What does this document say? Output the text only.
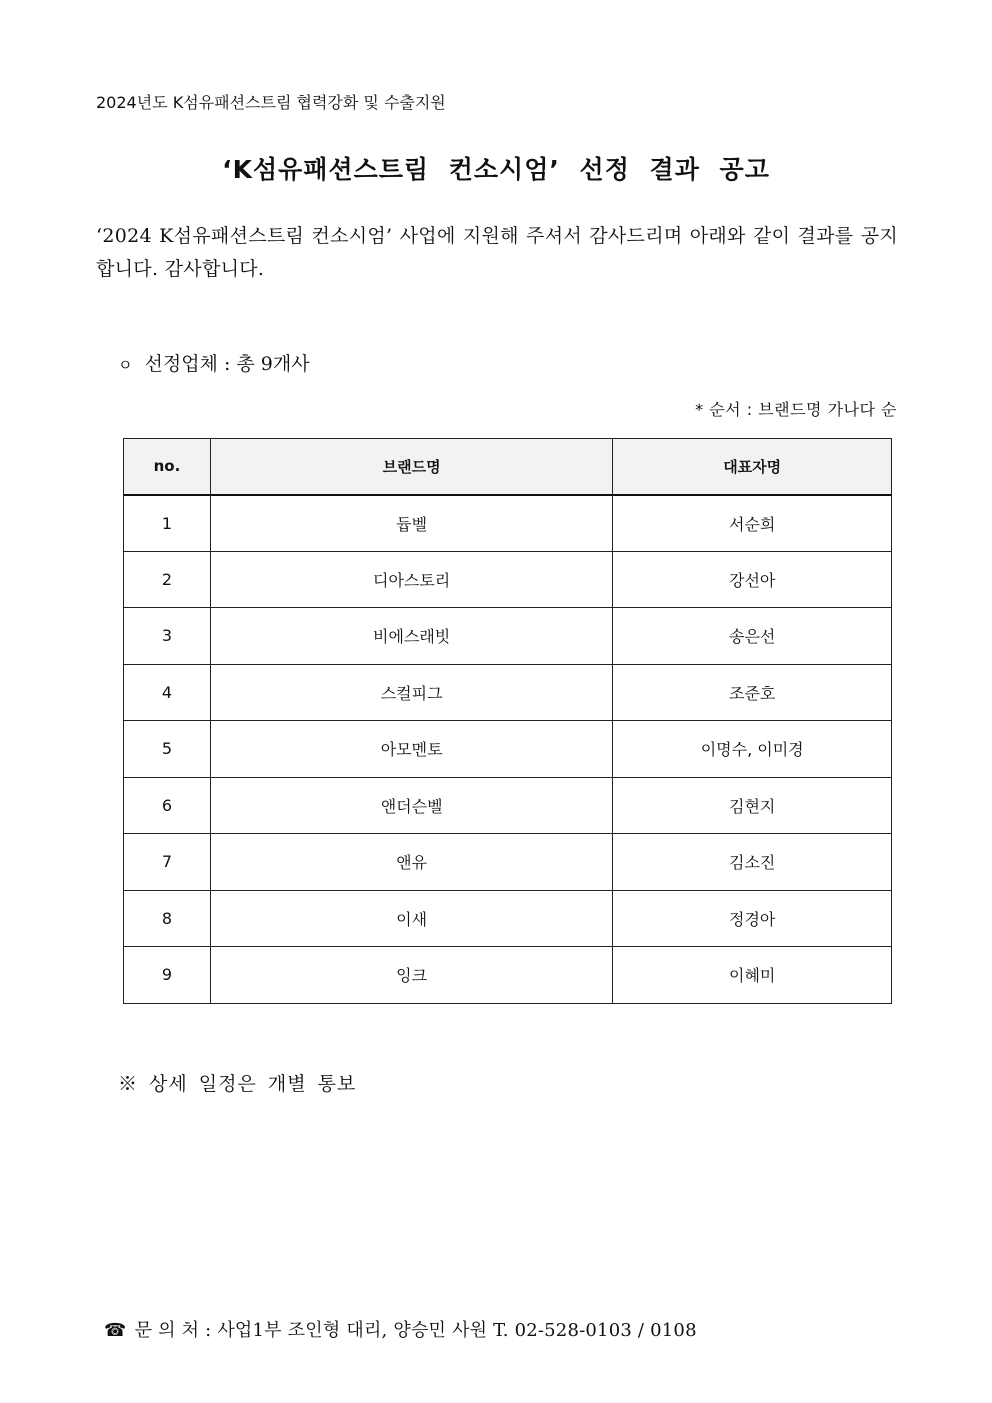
2024년도 K섬유패션스트림 협력강화 및 수출지원
‘K섬유패션스트림 컨소시엄’ 선정 결과 공고
‘2024 K섬유패션스트림 컨소시엄’ 사업에 지원해 주셔서 감사드리며 아래와 같이 결과를 공지합니다. 감사합니다.
ㅇ 선정업체 : 총 9개사
* 순서 : 브랜드명 가나다 순
no.	브랜드명	대표자명
1	듑벨	서순희
2	디아스토리	강선아
3	비에스래빗	송은선
4	스컬피그	조준호
5	아모멘토	이명수, 이미경
6	앤더슨벨	김현지
7	앤유	김소진
8	이새	정경아
9	잉크	이혜미
※ 상세 일정은 개별 통보
☎ 문 의 처 : 사업1부 조인형 대리, 양승민 사원 T. 02-528-0103 / 0108
